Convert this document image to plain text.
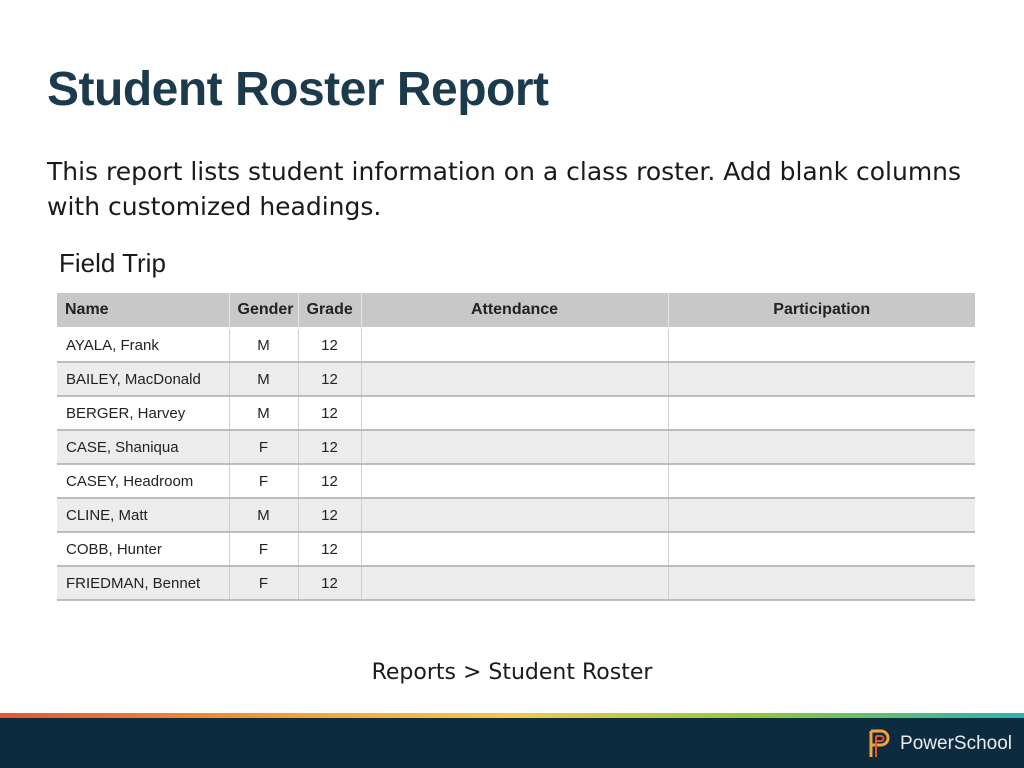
Student Roster Report

This report lists student information on a class roster. Add blank columns with customized headings.

Field Trip
Name	Gender	Grade	Attendance	Participation
AYALA, Frank	M	12		
BAILEY, MacDonald	M	12		
BERGER, Harvey	M	12		
CASE, Shaniqua	F	12		
CASEY, Headroom	F	12		
CLINE, Matt	M	12		
COBB, Hunter	F	12		
FRIEDMAN, Bennet	F	12		
Reports > Student Roster
PowerSchool
